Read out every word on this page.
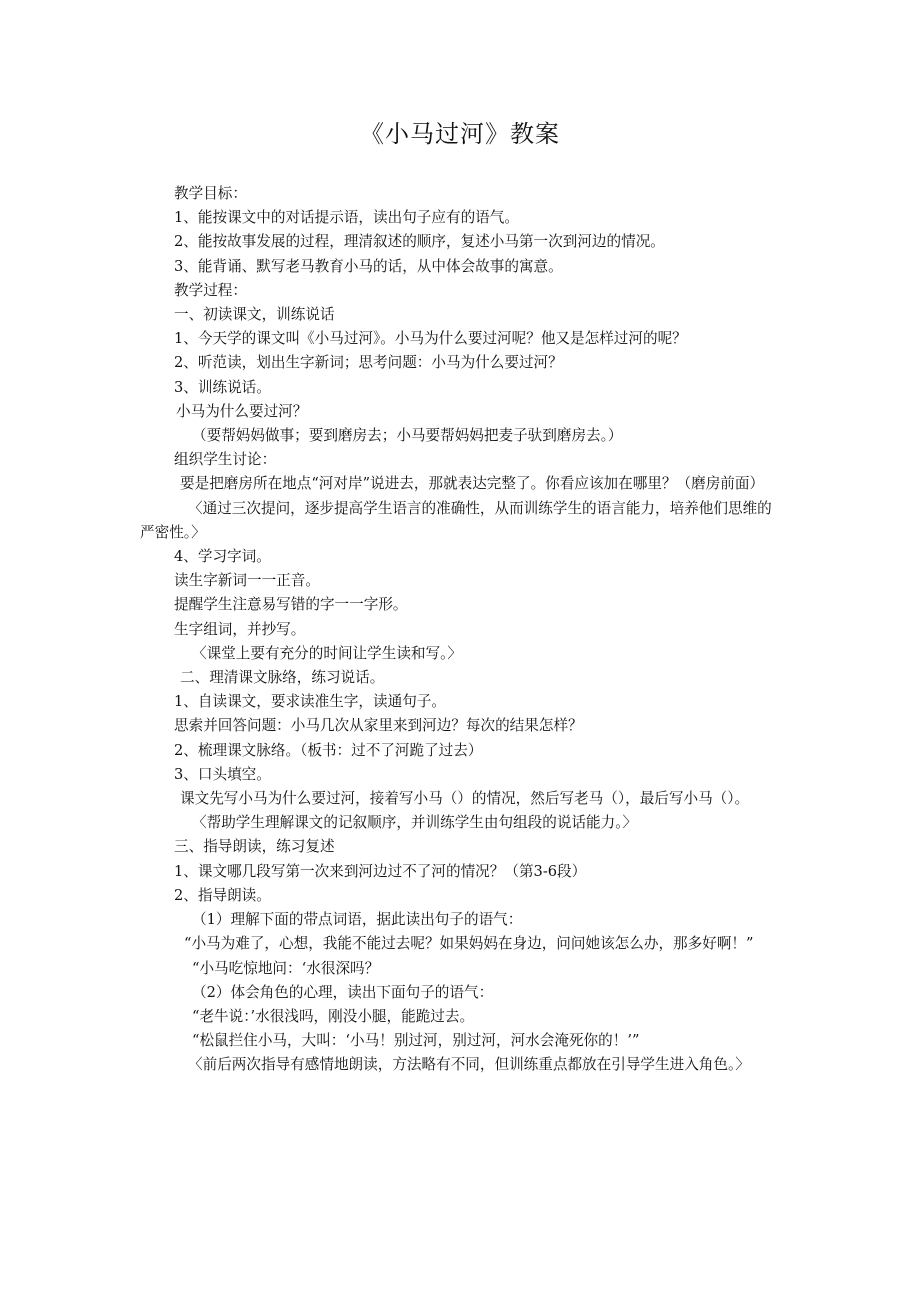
《小马过河》教案

教学目标：

1、能按课文中的对话提示语，读出句子应有的语气。

2、能按故事发展的过程，理清叙述的顺序，复述小马第一次到河边的情况。

3、能背诵、默写老马教育小马的话，从中体会故事的寓意。

教学过程：

一、初读课文，训练说话

1、今天学的课文叫《小马过河》。小马为什么要过河呢？他又是怎样过河的呢？

2、听范读，划出生字新词；思考问题：小马为什么要过河？

3、训练说话。

小马为什么要过河？

（要帮妈妈做事；要到磨房去；小马要帮妈妈把麦子驮到磨房去。）

组织学生讨论：

要是把磨房所在地点“河对岸”说进去，那就表达完整了。你看应该加在哪里？（磨房前面）

〈通过三次提问，逐步提高学生语言的准确性，从而训练学生的语言能力，培养他们思维的严密性。〉

4、学习字词。

读生字新词一一正音。

提醒学生注意易写错的字一一字形。

生字组词，并抄写。

〈课堂上要有充分的时间让学生读和写。〉

二、理清课文脉络，练习说话。

1、自读课文，要求读准生字，读通句子。

思索并回答问题：小马几次从家里来到河边？每次的结果怎样？

2、梳理课文脉络。（板书：过不了河跪了过去）

3、口头填空。

课文先写小马为什么要过河，接着写小马（）的情况，然后写老马（），最后写小马（）。

〈帮助学生理解课文的记叙顺序，并训练学生由句组段的说话能力。〉

三、指导朗读，练习复述

1、课文哪几段写第一次来到河边过不了河的情况？（第3-6段）

2、指导朗读。

（1）理解下面的带点词语，据此读出句子的语气：

“小马为难了，心想，我能不能过去呢？如果妈妈在身边，问问她该怎么办，那多好啊！”

“小马吃惊地问：‘水很深吗？

（2）体会角色的心理，读出下面句子的语气：

“老牛说：’水很浅吗，刚没小腿，能跪过去。

“松鼠拦住小马，大叫：‘小马！别过河，别过河，河水会淹死你的！’”

〈前后两次指导有感情地朗读，方法略有不同，但训练重点都放在引导学生进入角色。〉
